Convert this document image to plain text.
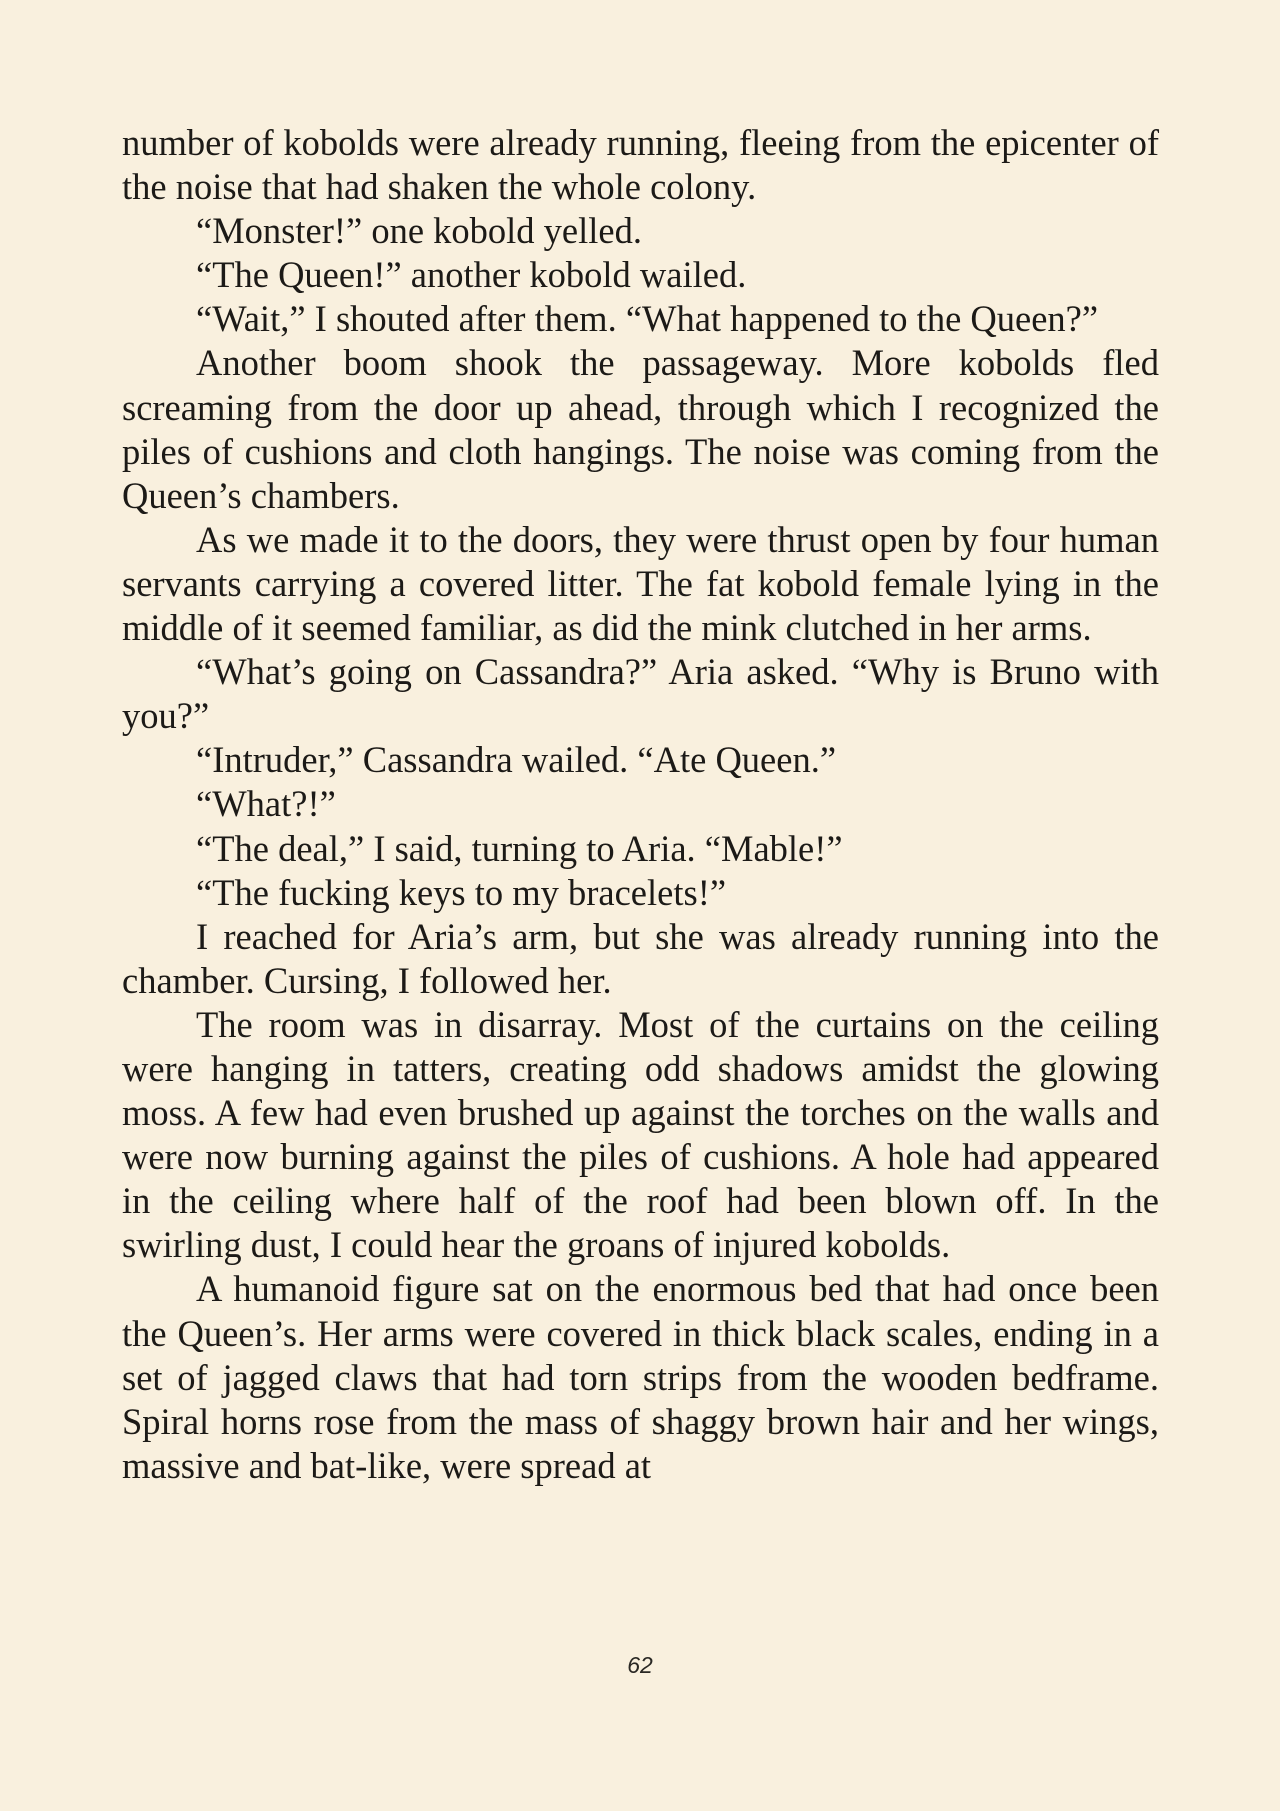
number of kobolds were already running, fleeing from the epicenter of the noise that had shaken the whole colony.

“Monster!” one kobold yelled.

“The Queen!” another kobold wailed.

“Wait,” I shouted after them. “What happened to the Queen?”

Another boom shook the passageway. More kobolds fled screaming from the door up ahead, through which I recognized the piles of cushions and cloth hangings. The noise was coming from the Queen’s chambers.

As we made it to the doors, they were thrust open by four human servants carrying a covered litter. The fat kobold female lying in the middle of it seemed familiar, as did the mink clutched in her arms.

“What’s going on Cassandra?” Aria asked. “Why is Bruno with you?”

“Intruder,” Cassandra wailed. “Ate Queen.”

“What?!”

“The deal,” I said, turning to Aria. “Mable!”

“The fucking keys to my bracelets!”

I reached for Aria’s arm, but she was already running into the chamber. Cursing, I followed her.

The room was in disarray. Most of the curtains on the ceiling were hanging in tatters, creating odd shadows amidst the glowing moss. A few had even brushed up against the torches on the walls and were now burning against the piles of cushions. A hole had appeared in the ceiling where half of the roof had been blown off. In the swirling dust, I could hear the groans of injured kobolds.

A humanoid figure sat on the enormous bed that had once been the Queen’s. Her arms were covered in thick black scales, ending in a set of jagged claws that had torn strips from the wooden bedframe. Spiral horns rose from the mass of shaggy brown hair and her wings, massive and bat-like, were spread at

62
